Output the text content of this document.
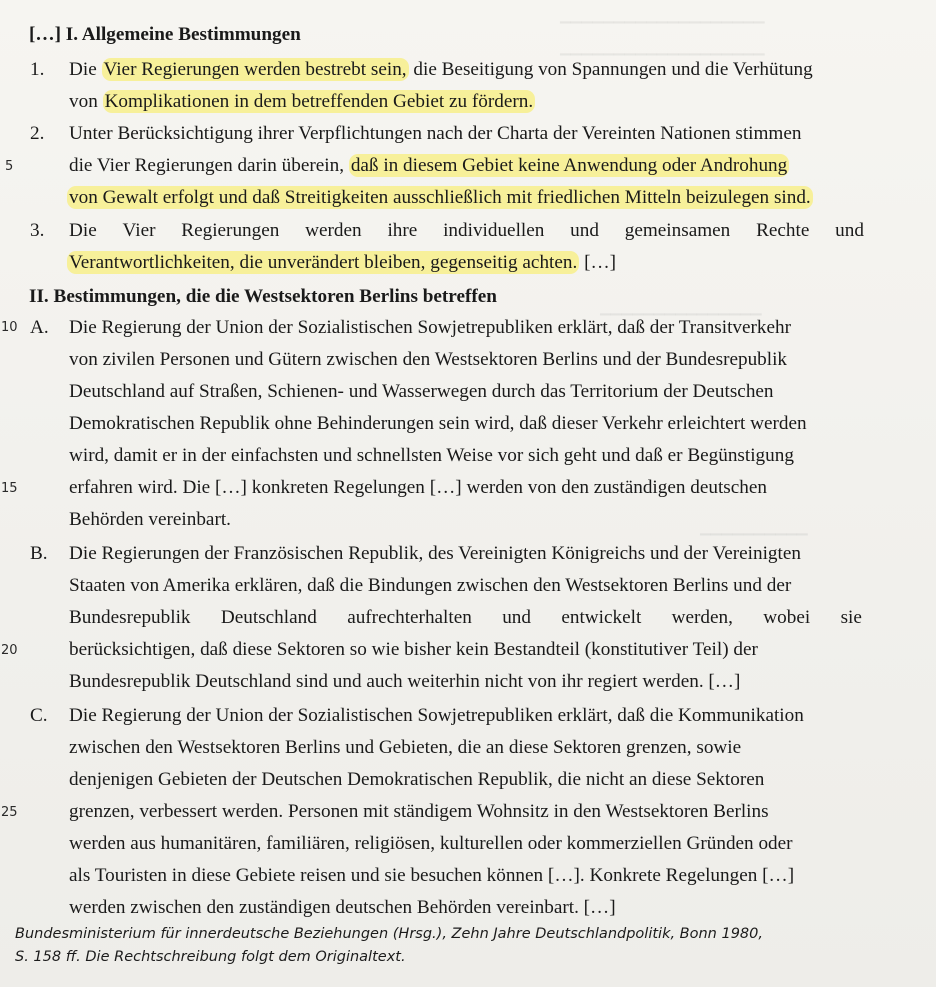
▁▁▁▁▁▁▁▁▁▁▁▁▁▁▁▁▁▁▁
▁▁▁▁▁▁▁▁▁▁▁▁▁▁▁▁▁▁▁
▁▁▁▁▁▁▁▁▁▁▁▁▁▁▁
▁▁▁▁▁▁▁▁▁▁
[…] I. Allgemeine Bestimmungen
1. Die Vier Regierungen werden bestrebt sein, die Beseitigung von Spannungen und die Verhütung
von Komplikationen in dem betreffenden Gebiet zu fördern.
2. Unter Berücksichtigung ihrer Verpflichtungen nach der Charta der Vereinten Nationen stimmen
die Vier Regierungen darin überein, daß in diesem Gebiet keine Anwendung oder Androhung
von Gewalt erfolgt und daß Streitigkeiten ausschließlich mit friedlichen Mitteln beizulegen sind.
3. Die Vier Regierungen werden ihre individuellen und gemeinsamen Rechte und
Verantwortlichkeiten, die unverändert bleiben, gegenseitig achten. […]
II. Bestimmungen, die die Westsektoren Berlins betreffen
A. Die Regierung der Union der Sozialistischen Sowjetrepubliken erklärt, daß der Transitverkehr
von zivilen Personen und Gütern zwischen den Westsektoren Berlins und der Bundesrepublik
Deutschland auf Straßen, Schienen- und Wasserwegen durch das Territorium der Deutschen
Demokratischen Republik ohne Behinderungen sein wird, daß dieser Verkehr erleichtert werden
wird, damit er in der einfachsten und schnellsten Weise vor sich geht und daß er Begünstigung
erfahren wird. Die […] konkreten Regelungen […] werden von den zuständigen deutschen
Behörden vereinbart.
B. Die Regierungen der Französischen Republik, des Vereinigten Königreichs und der Vereinigten
Staaten von Amerika erklären, daß die Bindungen zwischen den Westsektoren Berlins und der
Bundesrepublik Deutschland aufrechterhalten und entwickelt werden, wobei sie
berücksichtigen, daß diese Sektoren so wie bisher kein Bestandteil (konstitutiver Teil) der
Bundesrepublik Deutschland sind und auch weiterhin nicht von ihr regiert werden. […]
C. Die Regierung der Union der Sozialistischen Sowjetrepubliken erklärt, daß die Kommunikation
zwischen den Westsektoren Berlins und Gebieten, die an diese Sektoren grenzen, sowie
denjenigen Gebieten der Deutschen Demokratischen Republik, die nicht an diese Sektoren
grenzen, verbessert werden. Personen mit ständigem Wohnsitz in den Westsektoren Berlins
werden aus humanitären, familiären, religiösen, kulturellen oder kommerziellen Gründen oder
als Touristen in diese Gebiete reisen und sie besuchen können […]. Konkrete Regelungen […]
werden zwischen den zuständigen deutschen Behörden vereinbart. […]
5
10
15
20
25
Bundesministerium für innerdeutsche Beziehungen (Hrsg.), Zehn Jahre Deutschlandpolitik, Bonn 1980,
S. 158 ff. Die Rechtschreibung folgt dem Originaltext.
